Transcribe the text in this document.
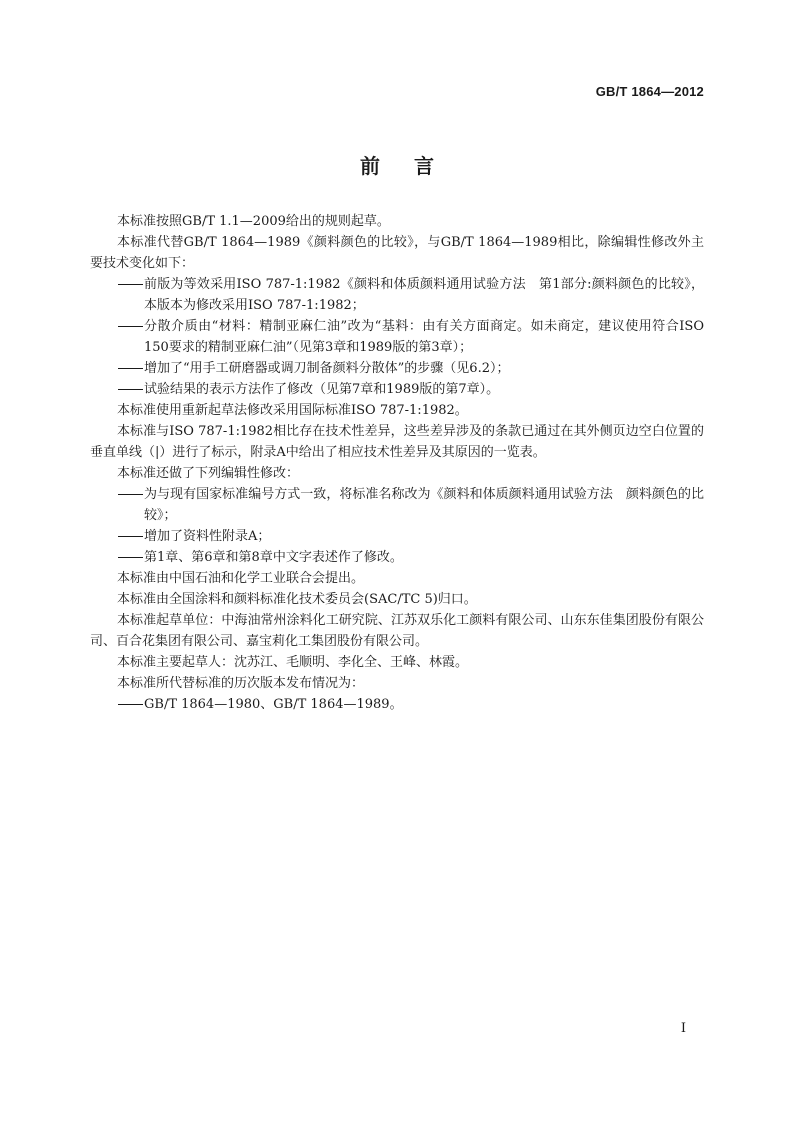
GB/T 1864—2012
前言

本标准按照GB/T 1.1—2009给出的规则起草。

本标准代替GB/T 1864—1989《颜料颜色的比较》，与GB/T 1864—1989相比，除编辑性修改外主要技术变化如下：

前版为等效采用ISO 787-1:1982《颜料和体质颜料通用试验方法　第1部分:颜料颜色的比较》，本版本为修改采用ISO 787-1:1982；
分散介质由“材料：精制亚麻仁油”改为“基料：由有关方面商定。如未商定，建议使用符合ISO 150要求的精制亚麻仁油”（见第3章和1989版的第3章）；
增加了“用手工研磨器或调刀制备颜料分散体”的步骤（见6.2）；
试验结果的表示方法作了修改（见第7章和1989版的第7章）。

本标准使用重新起草法修改采用国际标准ISO 787-1:1982。

本标准与ISO 787-1:1982相比存在技术性差异，这些差异涉及的条款已通过在其外侧页边空白位置的垂直单线（|）进行了标示，附录A中给出了相应技术性差异及其原因的一览表。

本标准还做了下列编辑性修改：

为与现有国家标准编号方式一致，将标准名称改为《颜料和体质颜料通用试验方法　颜料颜色的比较》；
增加了资料性附录A；
第1章、第6章和第8章中文字表述作了修改。

本标准由中国石油和化学工业联合会提出。

本标准由全国涂料和颜料标准化技术委员会(SAC/TC 5)归口。

本标准起草单位：中海油常州涂料化工研究院、江苏双乐化工颜料有限公司、山东东佳集团股份有限公司、百合花集团有限公司、嘉宝莉化工集团股份有限公司。

本标准主要起草人：沈苏江、毛顺明、李化全、王峰、林霞。

本标准所代替标准的历次版本发布情况为：

GB/T 1864—1980、GB/T 1864—1989。
I
